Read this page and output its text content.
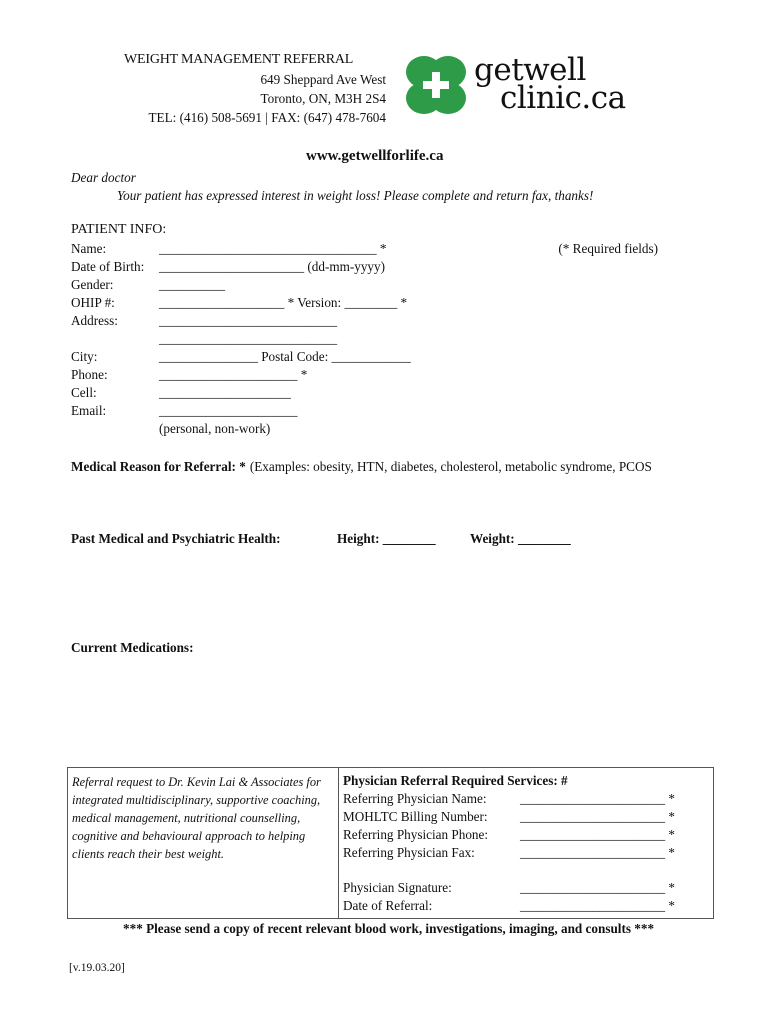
WEIGHT MANAGEMENT REFERRAL
649 Sheppard Ave West
Toronto, ON, M3H 2S4
TEL: (416) 508-5691 | FAX: (647) 478-7604
getwell
clinic.ca
www.getwellforlife.ca
Dear doctor
Your patient has expressed interest in weight loss! Please complete and return fax, thanks!
PATIENT INFO:
(* Required fields)
Name:	_________________________________ *
Date of Birth: ______________________ (dd-mm-yyyy)
Gender:	__________
OHIP #:	___________________ * Version: ________ *
Address:	___________________________
___________________________
City:	_______________ Postal Code: ____________
Phone:	_____________________ *
Cell:	____________________
Email:	_____________________
(personal, non-work)
Medical Reason for Referral: * (Examples: obesity, HTN, diabetes, cholesterol, metabolic syndrome, PCOS
Past Medical and Psychiatric Health:	Height: ________	Weight: ________
Current Medications:
Referral request to Dr. Kevin Lai & Associates for
integrated multidisciplinary, supportive coaching,
medical management, nutritional counselling,
cognitive and behavioural approach to helping
clients reach their best weight.
Physician Referral Required Services: #
Referring Physician Name:	______________________ *
MOHLTC Billing Number: ______________________ *
Referring Physician Phone: ______________________ *
Referring Physician Fax:	______________________ *
Physician Signature:	______________________ *
Date of Referral:	______________________ *
*** Please send a copy of recent relevant blood work, investigations, imaging, and consults ***
[v.19.03.20]
